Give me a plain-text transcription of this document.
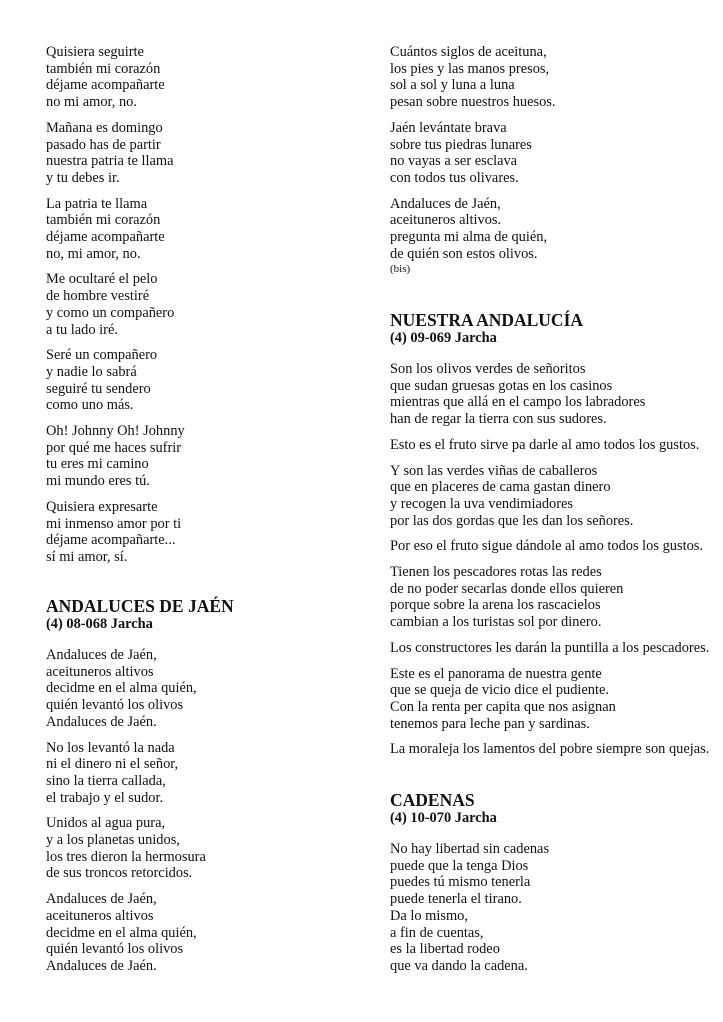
Quisiera seguirte
también mi corazón
déjame acompañarte
no mi amor, no.
Mañana es domingo
pasado has de partir
nuestra patria te llama
y tu debes ir.
La patria te llama
también mi corazón
déjame acompañarte
no, mi amor, no.
Me ocultaré el pelo
de hombre vestiré
y como un compañero
a tu lado iré.
Seré un compañero
y nadie lo sabrá
seguiré tu sendero
como uno más.
Oh! Johnny Oh! Johnny
por qué me haces sufrir
tu eres mi camino
mi mundo eres tú.
Quisiera expresarte
mi inmenso amor por ti
déjame acompañarte...
sí mi amor, sí.
ANDALUCES DE JAÉN
(4) 08-068 Jarcha
Andaluces de Jaén,
aceituneros altivos
decidme en el alma quién,
quién levantó los olivos
Andaluces de Jaén.
No los levantó la nada
ni el dinero ni el señor,
sino la tierra callada,
el trabajo y el sudor.
Unidos al agua pura,
y a los planetas unidos,
los tres dieron la hermosura
de sus troncos retorcidos.
Andaluces de Jaén,
aceituneros altivos
decidme en el alma quién,
quién levantó los olivos
Andaluces de Jaén.
Cuántos siglos de aceituna,
los pies y las manos presos,
sol a sol y luna a luna
pesan sobre nuestros huesos.
Jaén levántate brava
sobre tus piedras lunares
no vayas a ser esclava
con todos tus olivares.
Andaluces de Jaén,
aceituneros altivos.
pregunta mi alma de quién,
de quién son estos olivos.
(bis)
NUESTRA ANDALUCÍA
(4) 09-069 Jarcha
Son los olivos verdes de señoritos
que sudan gruesas gotas en los casinos
mientras que allá en el campo los labradores
han de regar la tierra con sus sudores.
Esto es el fruto sirve pa darle al amo todos los gustos.
Y son las verdes viñas de caballeros
que en placeres de cama gastan dinero
y recogen la uva vendimiadores
por las dos gordas que les dan los señores.
Por eso el fruto sigue dándole al amo todos los gustos.
Tienen los pescadores rotas las redes
de no poder secarlas donde ellos quieren
porque sobre la arena los rascacielos
cambian a los turistas sol por dinero.
Los constructores les darán la puntilla a los pescadores.
Este es el panorama de nuestra gente
que se queja de vicio dice el pudiente.
Con la renta per capita que nos asignan
tenemos para leche pan y sardinas.
La moraleja los lamentos del pobre siempre son quejas.
CADENAS
(4) 10-070 Jarcha
No hay libertad sin cadenas
puede que la tenga Dios
puedes tú mismo tenerla
puede tenerla el tirano.
Da lo mismo,
a fin de cuentas,
es la libertad rodeo
que va dando la cadena.
